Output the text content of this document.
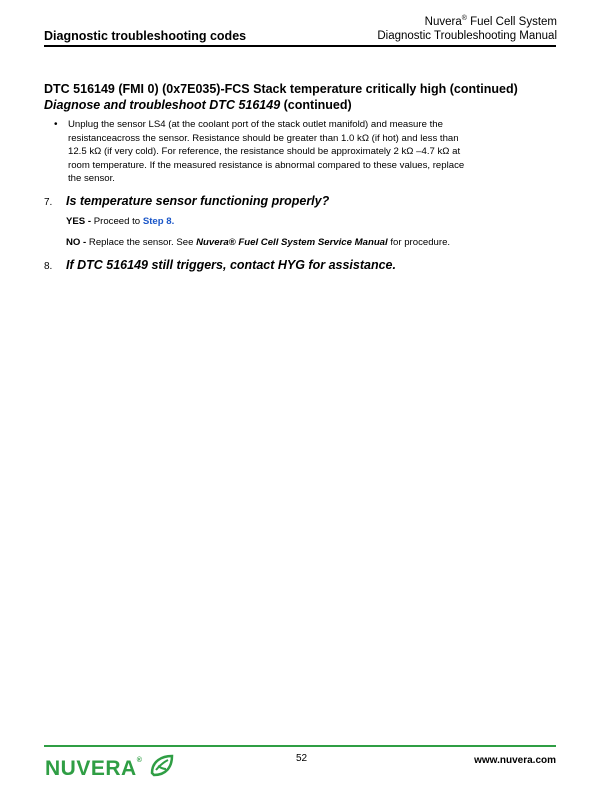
Diagnostic troubleshooting codes
Nuvera® Fuel Cell System
Diagnostic Troubleshooting Manual
DTC 516149 (FMI 0) (0x7E035)-FCS Stack temperature critically high (continued)
Diagnose and troubleshoot DTC 516149 (continued)
• Unplug the sensor LS4 (at the coolant port of the stack outlet manifold) and measure the
resistanceacross the sensor. Resistance should be greater than 1.0 kΩ (if hot) and less than
12.5 kΩ (if very cold). For reference, the resistance should be approximately 2 kΩ –4.7 kΩ at
room temperature. If the measured resistance is abnormal compared to these values, replace
the sensor.
7. Is temperature sensor functioning properly?
YES - Proceed to Step 8.
NO - Replace the sensor. See Nuvera® Fuel Cell System Service Manual for procedure.
8. If DTC 516149 still triggers, contact HYG for assistance.
NUVERA®	52	www.nuvera.com
